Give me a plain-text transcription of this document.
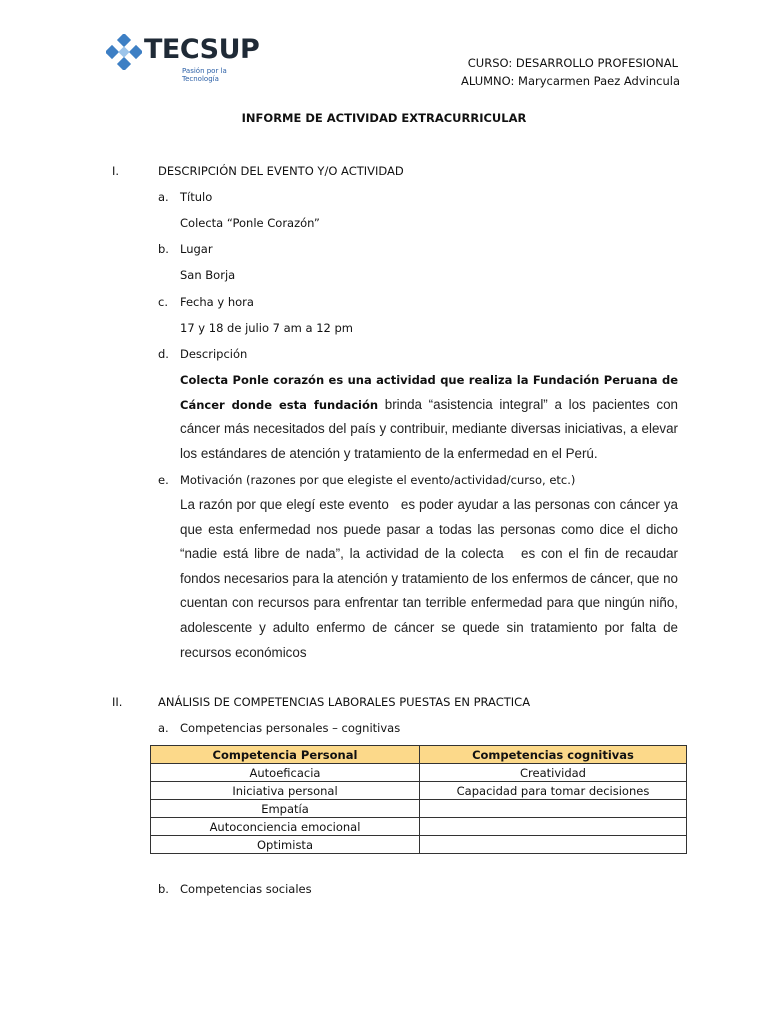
TECSUP
Pasión por la Tecnología
CURSO: DESARROLLO PROFESIONAL
ALUMNO: Marycarmen Paez Advincula
INFORME DE ACTIVIDAD EXTRACURRICULAR
I.	DESCRIPCIÓN DEL EVENTO Y/O ACTIVIDAD
a. Título
Colecta “Ponle Corazón”
b. Lugar
San Borja
c. Fecha y hora
17 y 18 de julio 7 am a 12 pm
d. Descripción
Colecta Ponle corazón es una actividad que realiza la Fundación Peruana de Cáncer donde esta fundación brinda “asistencia integral” a los pacientes con cáncer más necesitados del país y contribuir, mediante diversas iniciativas, a elevar los estándares de atención y tratamiento de la enfermedad en el Perú.
e. Motivación (razones por que elegiste el evento/actividad/curso, etc.)
La razón por que elegí este evento   es poder ayudar a las personas con cáncer ya que esta enfermedad nos puede pasar a todas las personas como dice el dicho “nadie está libre de nada”, la actividad de la colecta   es con el fin de recaudar fondos necesarios para la atención y tratamiento de los enfermos de cáncer, que no cuentan con recursos para enfrentar tan terrible enfermedad para que ningún niño, adolescente y adulto enfermo de cáncer se quede sin tratamiento por falta de recursos económicos
II.	ANÁLISIS DE COMPETENCIAS LABORALES PUESTAS EN PRACTICA
a. Competencias personales – cognitivas
Competencia Personal	Competencias cognitivas
Autoeficacia	Creatividad
Iniciativa personal	Capacidad para tomar decisiones
Empatía	
Autoconciencia emocional	
Optimista	
b. Competencias sociales
